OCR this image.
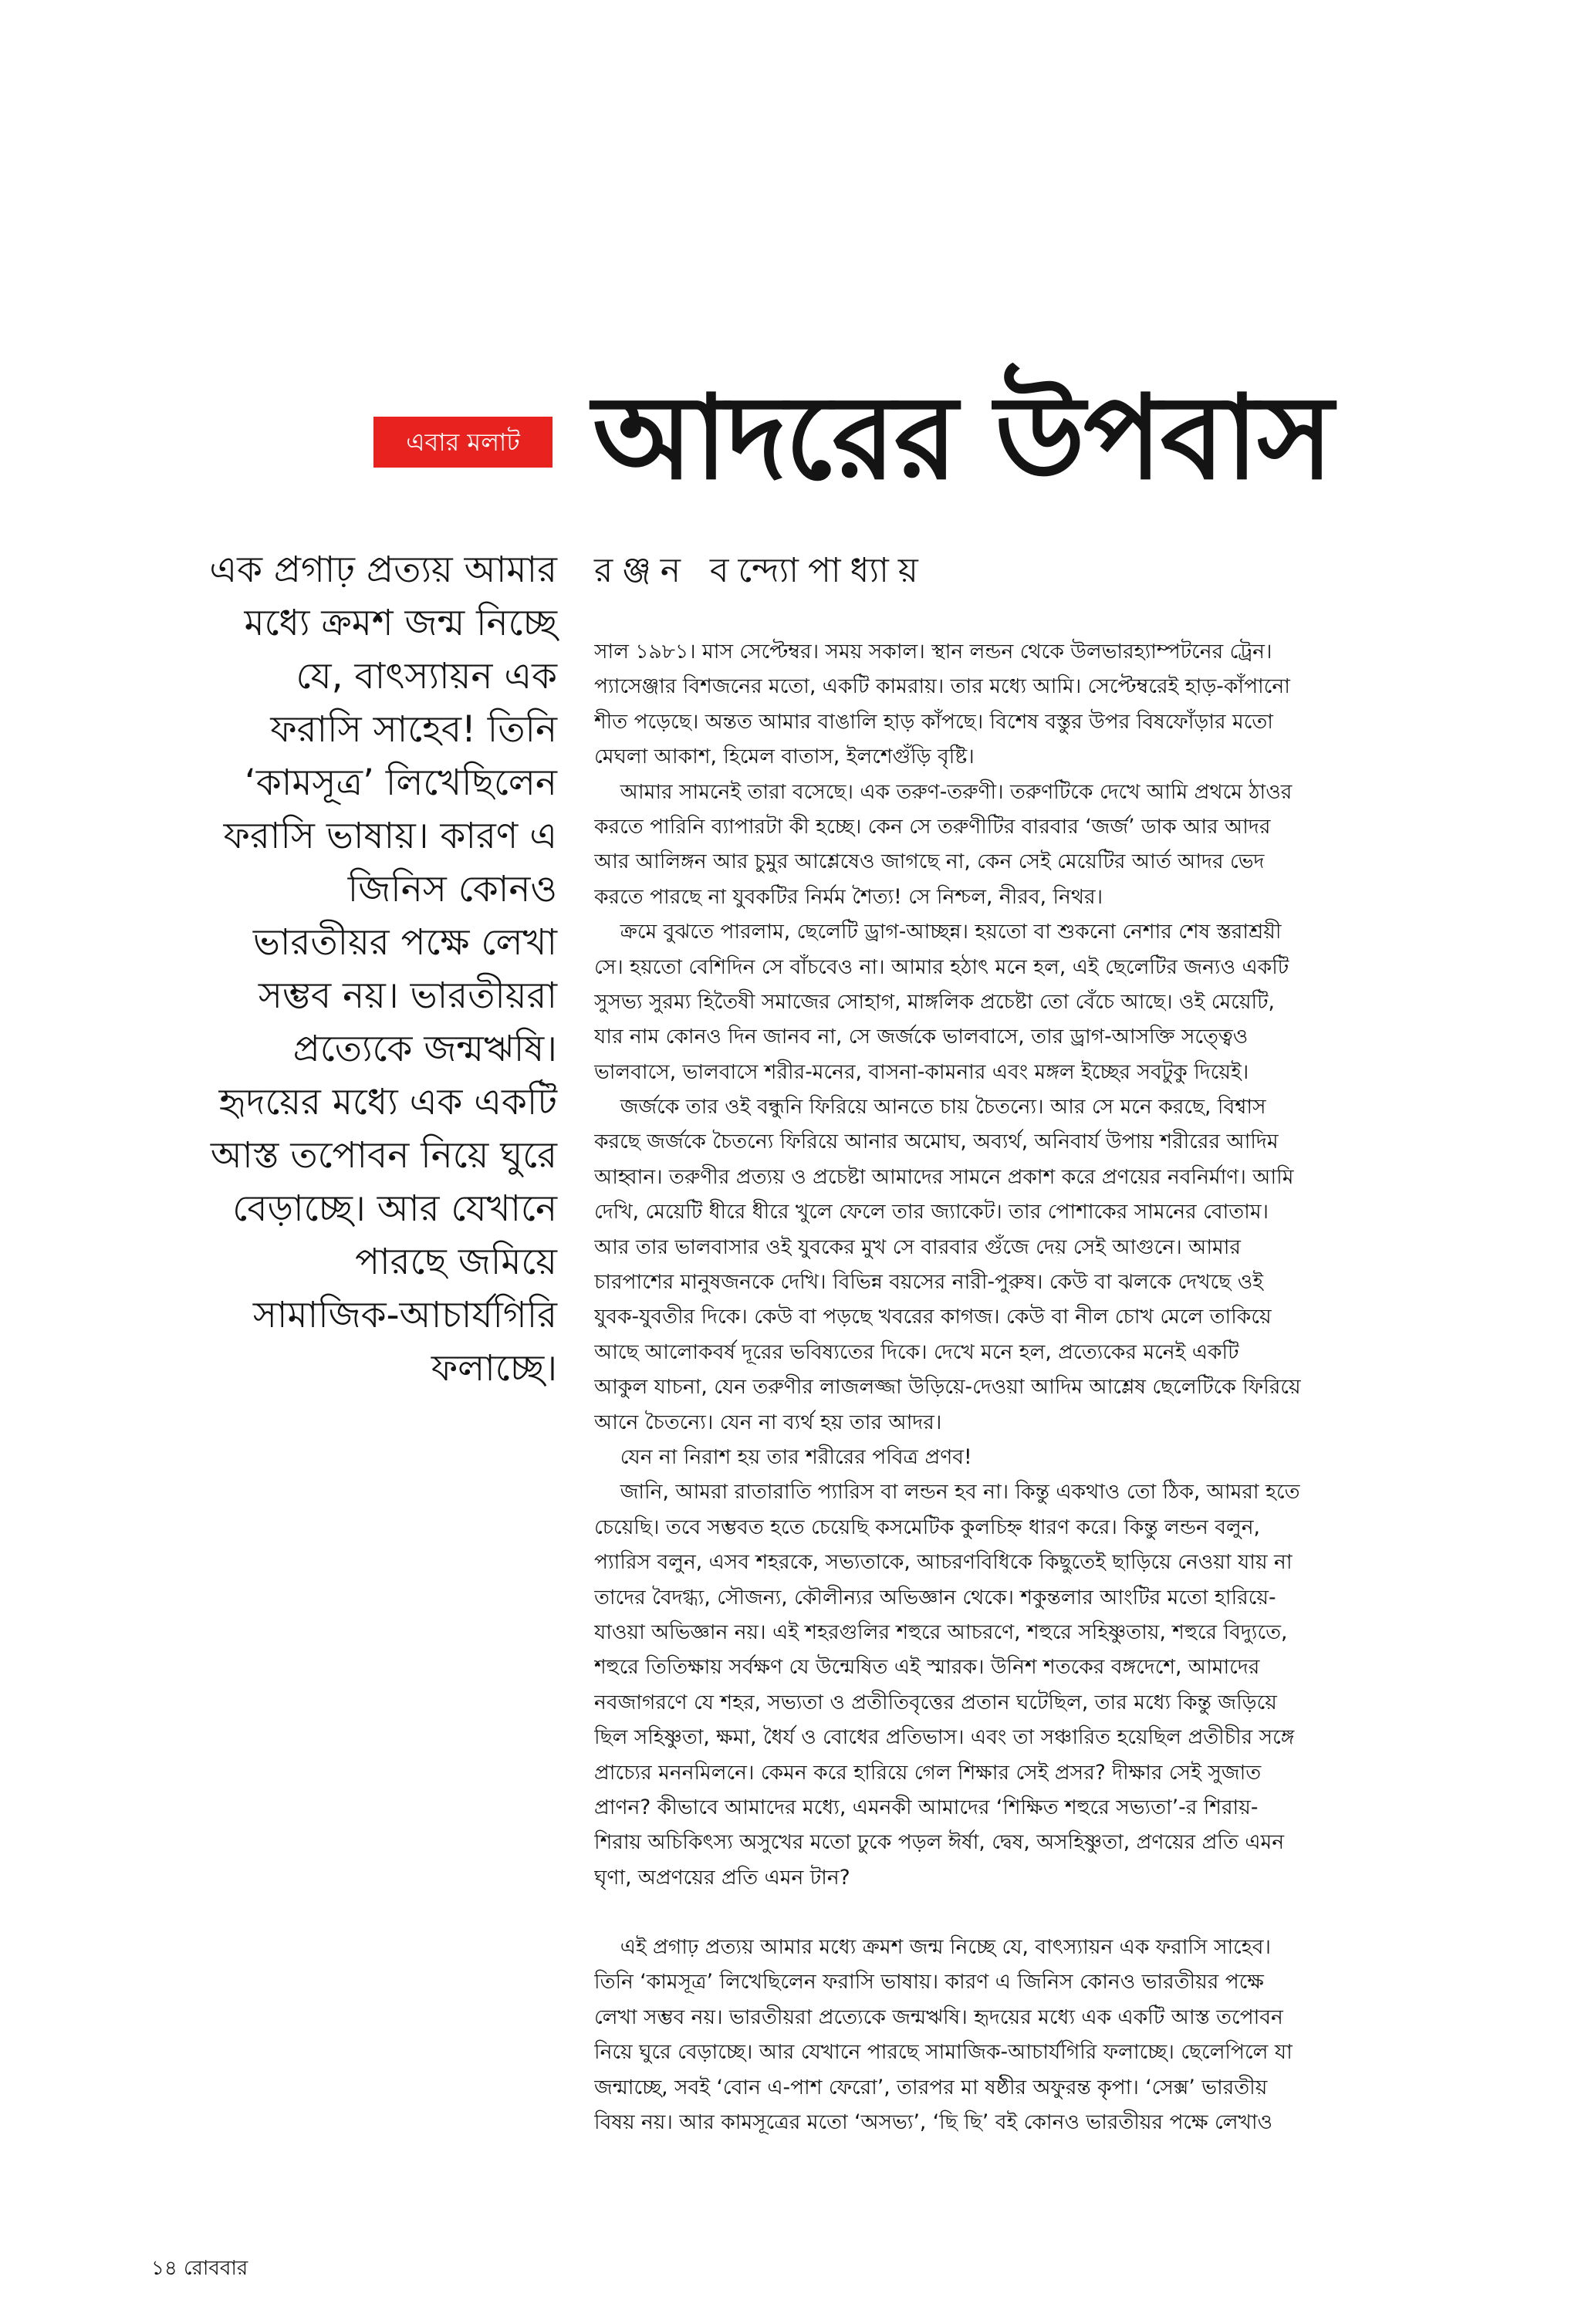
এবার মলাট আদরের উপবাস
রঞ্জন বন্দ্যোপাধ্যায়
এক প্রগাঢ় প্রত্যয় আমার
মধ্যে ক্রমশ জন্ম নিচ্ছে
যে, বাৎস্যায়ন এক
ফরাসি সাহেব! তিনি
‘কামসূত্র’ লিখেছিলেন
ফরাসি ভাষায়। কারণ এ
জিনিস কোনও
ভারতীয়র পক্ষে লেখা
সম্ভব নয়। ভারতীয়রা
প্রত্যেকে জন্মঋষি।
হৃদয়ের মধ্যে এক একটি
আস্ত তপোবন নিয়ে ঘুরে
বেড়াচ্ছে। আর যেখানে
পারছে জমিয়ে
সামাজিক-আচার্যগিরি
ফলাচ্ছে।
সাল ১৯৮১। মাস সেপ্টেম্বর। সময় সকাল। স্থান লন্ডন থেকে উলভারহ্যাম্পটনের ট্রেন।
প্যাসেঞ্জার বিশজনের মতো, একটি কামরায়। তার মধ্যে আমি। সেপ্টেম্বরেই হাড়-কাঁপানো
শীত পড়েছে। অন্তত আমার বাঙালি হাড় কাঁপছে। বিশেষ বস্তুর উপর বিষফোঁড়ার মতো
মেঘলা আকাশ, হিমেল বাতাস, ইলশেগুঁড়ি বৃষ্টি।
আমার সামনেই তারা বসেছে। এক তরুণ-তরুণী। তরুণটিকে দেখে আমি প্রথমে ঠাওর
করতে পারিনি ব্যাপারটা কী হচ্ছে। কেন সে তরুণীটির বারবার ‘জর্জ’ ডাক আর আদর
আর আলিঙ্গন আর চুমুর আশ্লেষেও জাগছে না, কেন সেই মেয়েটির আর্ত আদর ভেদ
করতে পারছে না যুবকটির নির্মম শৈত্য! সে নিশ্চল, নীরব, নিথর।
ক্রমে বুঝতে পারলাম, ছেলেটি ড্রাগ-আচ্ছন্ন। হয়তো বা শুকনো নেশার শেষ স্তরাশ্রয়ী
সে। হয়তো বেশিদিন সে বাঁচবেও না। আমার হঠাৎ মনে হল, এই ছেলেটির জন্যও একটি
সুসভ্য সুরম্য হিতৈষী সমাজের সোহাগ, মাঙ্গলিক প্রচেষ্টা তো বেঁচে আছে। ওই মেয়েটি,
যার নাম কোনও দিন জানব না, সে জর্জকে ভালবাসে, তার ড্রাগ-আসক্তি সত্ত্বেও
ভালবাসে, ভালবাসে শরীর-মনের, বাসনা-কামনার এবং মঙ্গল ইচ্ছের সবটুকু দিয়েই।
জর্জকে তার ওই বন্ধুনি ফিরিয়ে আনতে চায় চৈতন্যে। আর সে মনে করছে, বিশ্বাস
করছে জর্জকে চৈতন্যে ফিরিয়ে আনার অমোঘ, অব্যর্থ, অনিবার্য উপায় শরীরের আদিম
আহ্বান। তরুণীর প্রত্যয় ও প্রচেষ্টা আমাদের সামনে প্রকাশ করে প্রণয়ের নবনির্মাণ। আমি
দেখি, মেয়েটি ধীরে ধীরে খুলে ফেলে তার জ্যাকেট। তার পোশাকের সামনের বোতাম।
আর তার ভালবাসার ওই যুবকের মুখ সে বারবার গুঁজে দেয় সেই আগুনে। আমার
চারপাশের মানুষজনকে দেখি। বিভিন্ন বয়সের নারী-পুরুষ। কেউ বা ঝলকে দেখছে ওই
যুবক-যুবতীর দিকে। কেউ বা পড়ছে খবরের কাগজ। কেউ বা নীল চোখ মেলে তাকিয়ে
আছে আলোকবর্ষ দূরের ভবিষ্যতের দিকে। দেখে মনে হল, প্রত্যেকের মনেই একটি
আকুল যাচনা, যেন তরুণীর লাজলজ্জা উড়িয়ে-দেওয়া আদিম আশ্লেষ ছেলেটিকে ফিরিয়ে
আনে চৈতন্যে। যেন না ব্যর্থ হয় তার আদর।
যেন না নিরাশ হয় তার শরীরের পবিত্র প্রণব!
জানি, আমরা রাতারাতি প্যারিস বা লন্ডন হব না। কিন্তু একথাও তো ঠিক, আমরা হতে
চেয়েছি। তবে সম্ভবত হতে চেয়েছি কসমেটিক কুলচিহ্ন ধারণ করে। কিন্তু লন্ডন বলুন,
প্যারিস বলুন, এসব শহরকে, সভ্যতাকে, আচরণবিধিকে কিছুতেই ছাড়িয়ে নেওয়া যায় না
তাদের বৈদগ্ধ্য, সৌজন্য, কৌলীন্যর অভিজ্ঞান থেকে। শকুন্তলার আংটির মতো হারিয়ে-
যাওয়া অভিজ্ঞান নয়। এই শহরগুলির শহুরে আচরণে, শহুরে সহিষ্ণুতায়, শহুরে বিদ্যুতে,
শহুরে তিতিক্ষায় সর্বক্ষণ যে উন্মেষিত এই স্মারক। উনিশ শতকের বঙ্গদেশে, আমাদের
নবজাগরণে যে শহর, সভ্যতা ও প্রতীতিবৃত্তের প্রতান ঘটেছিল, তার মধ্যে কিন্তু জড়িয়ে
ছিল সহিষ্ণুতা, ক্ষমা, ধৈর্য ও বোধের প্রতিভাস। এবং তা সঞ্চারিত হয়েছিল প্রতীচীর সঙ্গে
প্রাচ্যের মননমিলনে। কেমন করে হারিয়ে গেল শিক্ষার সেই প্রসর? দীক্ষার সেই সুজাত
প্রাণন? কীভাবে আমাদের মধ্যে, এমনকী আমাদের ‘শিক্ষিত শহুরে সভ্যতা’-র শিরায়-
শিরায় অচিকিৎস্য অসুখের মতো ঢুকে পড়ল ঈর্ষা, দ্বেষ, অসহিষ্ণুতা, প্রণয়ের প্রতি এমন
ঘৃণা, অপ্রণয়ের প্রতি এমন টান?
এই প্রগাঢ় প্রত্যয় আমার মধ্যে ক্রমশ জন্ম নিচ্ছে যে, বাৎস্যায়ন এক ফরাসি সাহেব।
তিনি ‘কামসূত্র’ লিখেছিলেন ফরাসি ভাষায়। কারণ এ জিনিস কোনও ভারতীয়র পক্ষে
লেখা সম্ভব নয়। ভারতীয়রা প্রত্যেকে জন্মঋষি। হৃদয়ের মধ্যে এক একটি আস্ত তপোবন
নিয়ে ঘুরে বেড়াচ্ছে। আর যেখানে পারছে সামাজিক-আচার্যগিরি ফলাচ্ছে। ছেলেপিলে যা
জন্মাচ্ছে, সবই ‘বোন এ-পাশ ফেরো’, তারপর মা ষষ্ঠীর অফুরন্ত কৃপা। ‘সেক্স’ ভারতীয়
বিষয় নয়। আর কামসূত্রের মতো ‘অসভ্য’, ‘ছি ছি’ বই কোনও ভারতীয়র পক্ষে লেখাও
১৪ রোববার
